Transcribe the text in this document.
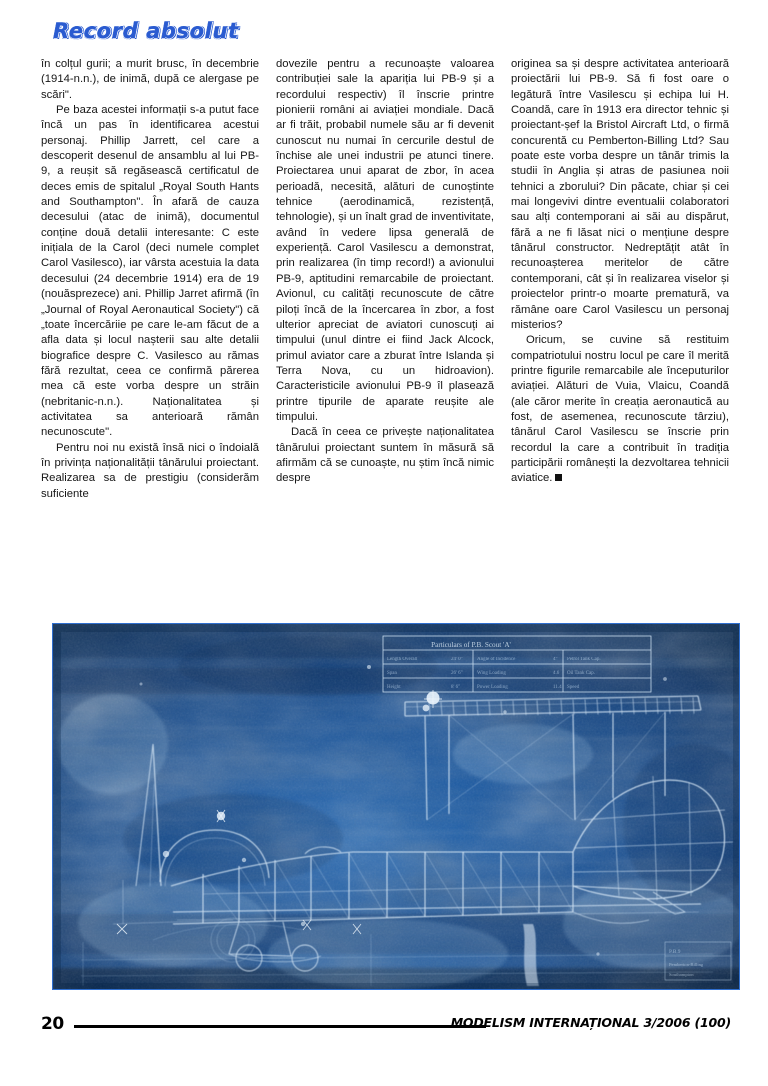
Record absolut

în colțul gurii; a murit brusc, în decembrie (1914-n.n.), de inimă, după ce alergase pe scări".

Pe baza acestei informații s-a putut face încă un pas în identificarea acestui personaj. Phillip Jarrett, cel care a descoperit desenul de ansamblu al lui PB-9, a reușit să regăsească certificatul de deces emis de spitalul „Royal South Hants and Southampton". În afară de cauza decesului (atac de inimă), documentul conține două detalii interesante: C este inițiala de la Carol (deci numele complet Carol Vasilesco), iar vârsta acestuia la data decesului (24 decembrie 1914) era de 19 (nouăsprezece) ani. Phillip Jarret afirmă (în „Journal of Royal Aeronautical Society") că „toate încercăriie pe care le-am făcut de a afla data și locul nașterii sau alte detalii biografice despre C. Vasilesco au rămas fără rezultat, ceea ce confirmă părerea mea că este vorba despre un străin (nebritanic-n.n.). Naționalitatea și activitatea sa anterioară rămân necunoscute".

Pentru noi nu există însă nici o îndoială în privința naționalității tânărului proiectant. Realizarea sa de prestigiu (considerăm suficiente

dovezile pentru a recunoaște valoarea contribuției sale la apariția lui PB-9 și a recordului respectiv) îl înscrie printre pionierii români ai aviației mondiale. Dacă ar fi trăit, probabil numele său ar fi devenit cunoscut nu numai în cercurile destul de închise ale unei industrii pe atunci tinere. Proiectarea unui aparat de zbor, în acea perioadă, necesită, alături de cunoștinte tehnice (aerodinamică, rezistență, tehnologie), și un înalt grad de inventivitate, având în vedere lipsa generală de experiență. Carol Vasilescu a demonstrat, prin realizarea (în timp record!) a avionului PB-9, aptitudini remarcabile de proiectant. Avionul, cu calități recunoscute de către piloți încă de la încercarea în zbor, a fost ulterior apreciat de aviatori cunoscuți ai timpului (unul dintre ei fiind Jack Alcock, primul aviator care a zburat între Islanda și Terra Nova, cu un hidroavion). Caracteristicile avionului PB-9 îl plasează printre tipurile de aparate reușite ale timpului.

Dacă în ceea ce privește naționalitatea tânărului proiectant suntem în măsură să afirmăm că se cunoaște, nu știm încă nimic despre

originea sa și despre activitatea anterioară proiectării lui PB-9. Să fi fost oare o legătură între Vasilescu și echipa lui H. Coandă, care în 1913 era director tehnic și proiectant-șef la Bristol Aircraft Ltd, o firmă concurentă cu Pemberton-Billing Ltd? Sau poate este vorba despre un tânăr trimis la studii în Anglia și atras de pasiunea noii tehnici a zborului? Din păcate, chiar și cei mai longevivi dintre eventualii colaboratori sau alți contemporani ai săi au dispărut, fără a ne fi lăsat nici o mențiune despre tânărul constructor. Nedreptățit atât în recunoașterea meritelor de către contemporani, cât și în realizarea viselor și proiectelor printr-o moarte prematură, va rămâne oare Carol Vasilescu un personaj misterios?

Oricum, se cuvine să restituim compatriotului nostru locul pe care îl merită printre figurile remarcabile ale începuturilor aviației. Alături de Vuia, Vlaicu, Coandă (ale căror merite în creația aeronautică au fost, de asemenea, recunoscute târziu), tânărul Carol Vasilescu se înscrie prin recordul la care a contribuit în tradiția participării românești la dezvoltarea tehnicii aviatice.

Particulars of P.B. Scout 'A'
Length Overall	24' 0"	Angle of Incidence	4° Petrol Tank Cap.
Span	26' 6"	Wing Loading	4.6 Oil Tank Cap.
Height	8' 6"	Power Loading	11.4 Speed
P.B.9
Pemberton-Billing
Southampton
20	MODELISM INTERNAȚIONAL 3/2006 (100)
